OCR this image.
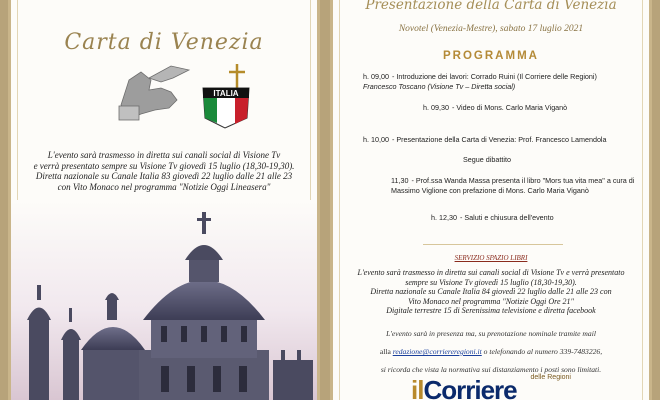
Carta di Venezia
ITALIA
L'evento sarà trasmesso in diretta sui canali social di Visione Tv
e verrà presentato sempre su Visione Tv giovedì 15 luglio (18,30-19,30).
Diretta nazionale su Canale Italia 83 giovedì 22 luglio dalle 21 alle 23
con Vito Monaco nel programma "Notizie Oggi Lineasera"
Presentazione della Carta di Venezia
Novotel (Venezia-Mestre), sabato 17 luglio 2021
PROGRAMMA
h. 09,00 - Introduzione dei lavori: Corrado Ruini (Il Corriere delle Regioni)
Francesco Toscano (Visione Tv – Diretta social)
h. 09,30 - Video di Mons. Carlo Maria Viganò
h. 10,00 - Presentazione della Carta di Venezia: Prof. Francesco Lamendola
Segue dibattito
11,30 - Prof.ssa Wanda Massa presenta il libro "Mors tua vita mea" a cura di
Massimo Viglione con prefazione di Mons. Carlo Maria Viganò
h. 12,30 - Saluti e chiusura dell'evento
SERVIZIO SPAZIO LIBRI
L'evento sarà trasmesso in diretta sui canali social di Visione Tv e verrà presentato
sempre su Visione Tv giovedì 15 luglio (18,30-19,30).
Diretta nazionale su Canale Italia 84 giovedì 22 luglio dalle 21 alle 23 con
Vito Monaco nel programma "Notizie Oggi Ore 21"
Digitale terrestre 15 di Serenissima televisione e diretta facebook
L'evento sarà in presenza ma, su prenotazione nominale tramite mail
alla redazione@corriereregioni.it o telefonando al numero 339-7483226,
si ricorda che vista la normativa sui distanziamento i posti sono limitati.
delle Regioni
ilCorriere
